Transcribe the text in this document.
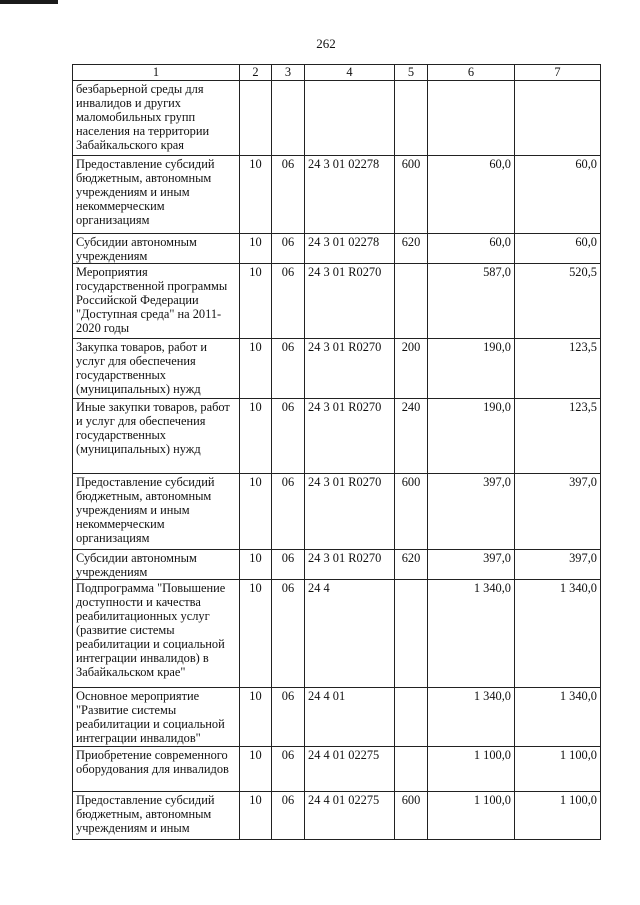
262
1	2	3	4	5	6	7
безбарьерной среды для инвалидов и других маломобильных групп населения на территории Забайкальского края						
Предоставление субсидий бюджетным, автономным учреждениям и иным некоммерческим организациям	10	06	24 3 01 02278	600	60,0	60,0
Субсидии автономным учреждениям	10	06	24 3 01 02278	620	60,0	60,0
Мероприятия государственной программы Российской Федерации "Доступная среда" на 2011-2020 годы	10	06	24 3 01 R0270		587,0	520,5
Закупка товаров, работ и услуг для обеспечения государственных (муниципальных) нужд	10	06	24 3 01 R0270	200	190,0	123,5
Иные закупки товаров, работ и услуг для обеспечения государственных (муниципальных) нужд	10	06	24 3 01 R0270	240	190,0	123,5
Предоставление субсидий бюджетным, автономным учреждениям и иным некоммерческим организациям	10	06	24 3 01 R0270	600	397,0	397,0
Субсидии автономным учреждениям	10	06	24 3 01 R0270	620	397,0	397,0
Подпрограмма "Повышение доступности и качества реабилитационных услуг (развитие системы реабилитации и социальной интеграции инвалидов) в Забайкальском крае"	10	06	24 4		1 340,0	1 340,0
Основное мероприятие "Развитие системы реабилитации и социальной интеграции инвалидов"	10	06	24 4 01		1 340,0	1 340,0
Приобретение современного оборудования для инвалидов	10	06	24 4 01 02275		1 100,0	1 100,0
Предоставление субсидий бюджетным, автономным учреждениям и иным	10	06	24 4 01 02275	600	1 100,0	1 100,0
